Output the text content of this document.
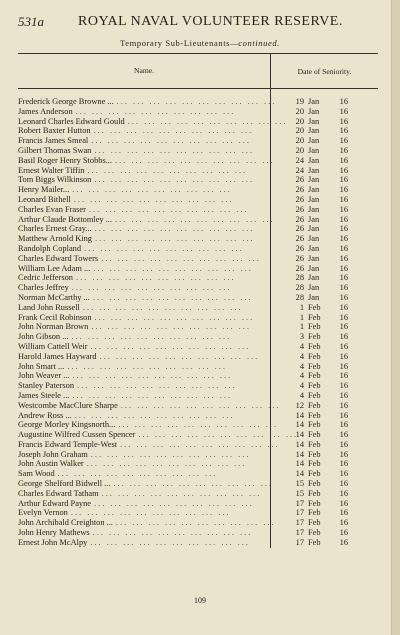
531a ROYAL NAVAL VOLUNTEER RESERVE.
Temporary Sub-Lieutenants—continued.
Name.	Date of Seniority.

Frederick George Browne ... ... ... ... ... ... ... ... ... ... ...	19 Jan 16

James Anderson ... ... ... ... ... ... ... ... ... ...	20 Jan 16

Leonard Charles Edward Gould ... ... ... ... ... ... ... ... ... ...	20 Jan 16

Robert Baxter Hutton ... ... ... ... ... ... ... ... ... ...	20 Jan 16

Francis James Smeal ... ... ... ... ... ... ... ... ... ...	20 Jan 16

Gilbert Thomas Swan ... ... ... ... ... ... ... ... ... ...	20 Jan 16

Basil Roger Henry Stobbs... ... ... ... ... ... ... ... ... ... ...	24 Jan 16

Ernest Walter Tiffin ... ... ... ... ... ... ... ... ... ...	24 Jan 16

Tom Biggs Wilkinson ... ... ... ... ... ... ... ... ... ...	26 Jan 16

Henry Mailer... ... ... ... ... ... ... ... ... ... ...	26 Jan 16

Leonard Bithell ... ... ... ... ... ... ... ... ... ...	26 Jan 16

Charles Evan Fraser ... ... ... ... ... ... ... ... ... ...	26 Jan 16

Arthur Claude Bottomley ... ... ... ... ... ... ... ... ... ... ...	26 Jan 16

Charles Ernest Gray... ... ... ... ... ... ... ... ... ... ...	26 Jan 16

Matthew Arnold King ... ... ... ... ... ... ... ... ... ...	26 Jan 16

Randolph Copland ... ... ... ... ... ... ... ... ... ...	26 Jan 16

Charles Edward Towers ... ... ... ... ... ... ... ... ... ...	26 Jan 16

William Lee Adam ... ... ... ... ... ... ... ... ... ... ...	26 Jan 16

Cedric Jefferson ... ... ... ... ... ... ... ... ... ...	28 Jan 16

Charles Jeffrey ... ... ... ... ... ... ... ... ... ...	28 Jan 16

Norman McCarthy ... ... ... ... ... ... ... ... ... ... ...	28 Jan 16

Land John Russell ... ... ... ... ... ... ... ... ... ...	1 Feb 16

Frank Cecil Robinson ... ... ... ... ... ... ... ... ... ...	1 Feb 16

John Norman Brown ... ... ... ... ... ... ... ... ... ...	1 Feb 16

John Gibson ... ... ... ... ... ... ... ... ... ... ...	3 Feb 16

William Cattell Weir ... ... ... ... ... ... ... ... ... ...	4 Feb 16

Harold James Hayward ... ... ... ... ... ... ... ... ... ...	4 Feb 16

John Smart ... ... ... ... ... ... ... ... ... ... ...	4 Feb 16

John Weaver ... ... ... ... ... ... ... ... ... ... ...	4 Feb 16

Stanley Paterson ... ... ... ... ... ... ... ... ... ...	4 Feb 16

James Steele ... ... ... ... ... ... ... ... ... ... ...	4 Feb 16

Westcombe MacClure Sharpe ... ... ... ... ... ... ... ... ... ...	12 Feb 16

Andrew Ross ... ... ... ... ... ... ... ... ... ... ...	14 Feb 16

George Morley Kingsnorth... ... ... ... ... ... ... ... ... ... ...	14 Feb 16

Augustine Wilfred Cussen Spencer ... ... ... ... ... ... ... ... ... ...	14 Feb 16

Francis Edward Temple-West ... ... ... ... ... ... ... ... ... ...	14 Feb 16

Joseph John Graham ... ... ... ... ... ... ... ... ... ...	14 Feb 16

John Austin Walker ... ... ... ... ... ... ... ... ... ...	14 Feb 16

Sam Wood ... ... ... ... ... ... ... ... ... ...	14 Feb 16

George Shelford Bidwell ... ... ... ... ... ... ... ... ... ... ...	15 Feb 16

Charles Edward Tatham ... ... ... ... ... ... ... ... ... ...	15 Feb 16

Arthur Edward Payne ... ... ... ... ... ... ... ... ... ...	17 Feb 16

Evelyn Vernon ... ... ... ... ... ... ... ... ... ...	17 Feb 16

John Archibald Creighton ... ... ... ... ... ... ... ... ... ... ...	17 Feb 16

John Henry Mathews ... ... ... ... ... ... ... ... ... ...	17 Feb 16

Ernest John McAlpy ... ... ... ... ... ... ... ... ... ...	17 Feb 16
109
